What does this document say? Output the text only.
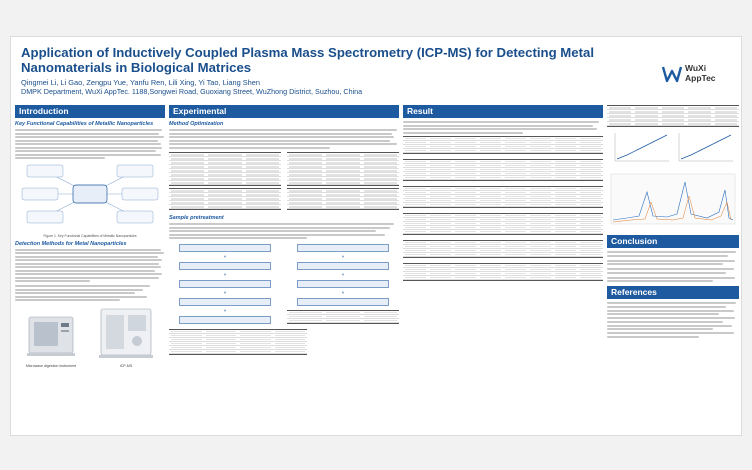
Application of Inductively Coupled Plasma Mass Spectrometry (ICP-MS) for Detecting Metal Nanomaterials in Biological Matrices
Qingmei Li, Li Gao, Zengpu Yue, Yanfu Ren, Lili Xing, Yi Tao, Liang Shen
DMPK Department, WuXi AppTec. 1188,Songwei Road, Guoxiang Street, WuZhong District, Suzhou, China
WuXi
AppTec
Introduction
Key Functional Capabilities of Metallic Nanoparticles
Figure 1. Key Functional Capabilities of Metallic Nanoparticles
Detection Methods for Metal Nanoparticles
Microwave digestion instrument	ICP-MS
Experimental
Method Optimization
Sample pretreatment
▼
▼
▼
▼
▼
▼
▼
Result

Conclusion
References
